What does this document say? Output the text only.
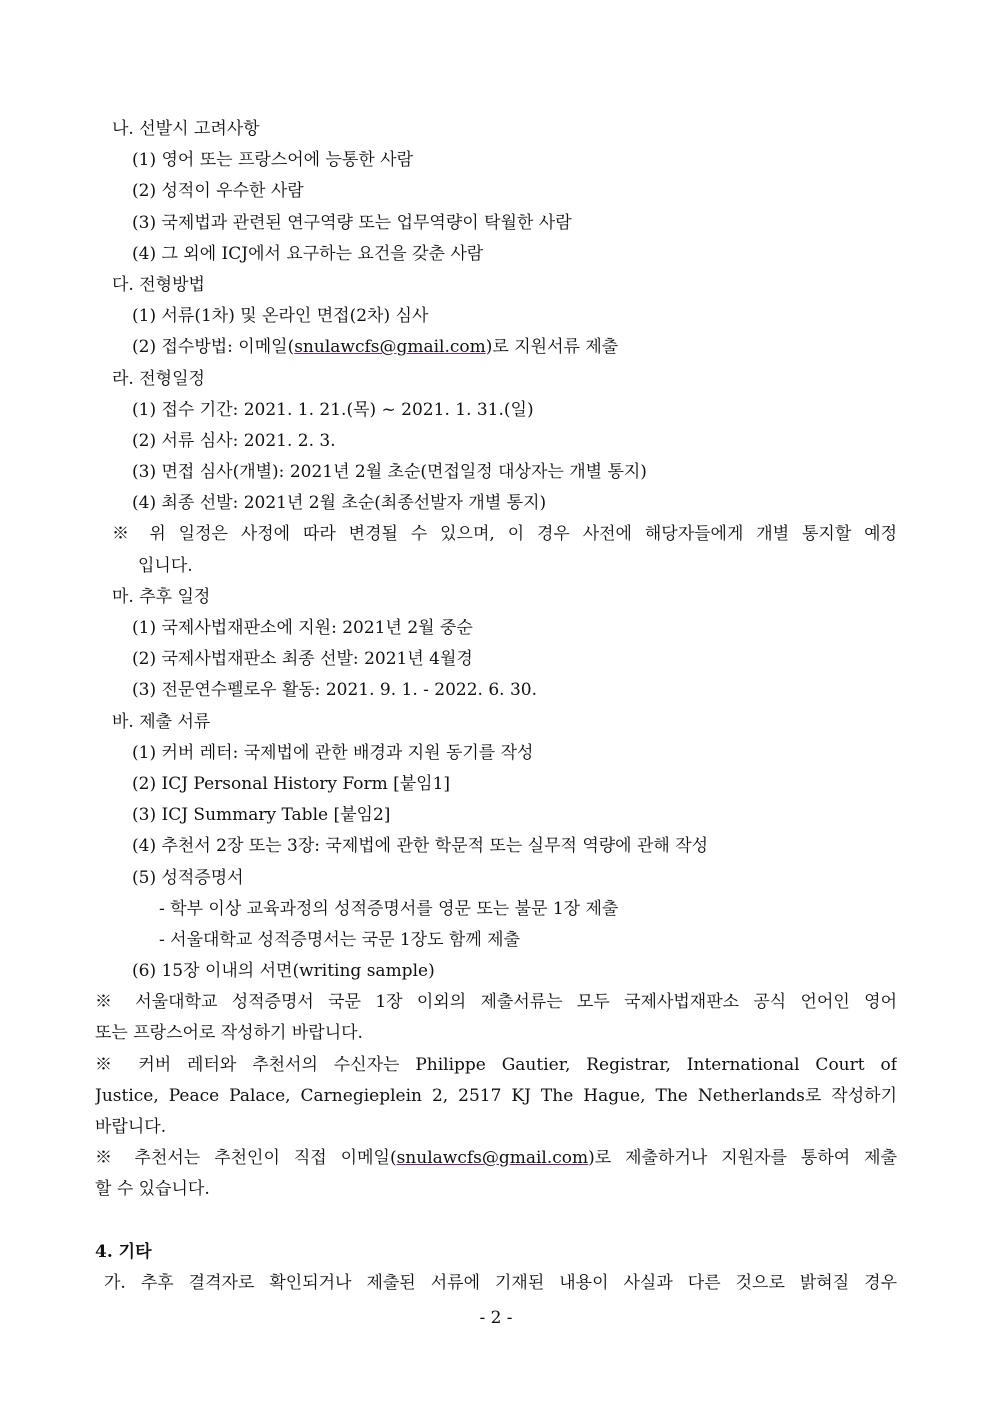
나. 선발시 고려사항
(1) 영어 또는 프랑스어에 능통한 사람
(2) 성적이 우수한 사람
(3) 국제법과 관련된 연구역량 또는 업무역량이 탁월한 사람
(4) 그 외에 ICJ에서 요구하는 요건을 갖춘 사람
다. 전형방법
(1) 서류(1차) 및 온라인 면접(2차) 심사
(2) 접수방법: 이메일(snulawcfs@gmail.com)로 지원서류 제출
라. 전형일정
(1) 접수 기간: 2021. 1. 21.(목) ~ 2021. 1. 31.(일)
(2) 서류 심사: 2021. 2. 3.
(3) 면접 심사(개별): 2021년 2월 초순(면접일정 대상자는 개별 통지)
(4) 최종 선발: 2021년 2월 초순(최종선발자 개별 통지)
※ 위 일정은 사정에 따라 변경될 수 있으며, 이 경우 사전에 해당자들에게 개별 통지할 예정
입니다.
마. 추후 일정
(1) 국제사법재판소에 지원: 2021년 2월 중순
(2) 국제사법재판소 최종 선발: 2021년 4월경
(3) 전문연수펠로우 활동: 2021. 9. 1. - 2022. 6. 30.
바. 제출 서류
(1) 커버 레터: 국제법에 관한 배경과 지원 동기를 작성
(2) ICJ Personal History Form [붙임1]
(3) ICJ Summary Table [붙임2]
(4) 추천서 2장 또는 3장: 국제법에 관한 학문적 또는 실무적 역량에 관해 작성
(5) 성적증명서
- 학부 이상 교육과정의 성적증명서를 영문 또는 불문 1장 제출
- 서울대학교 성적증명서는 국문 1장도 함께 제출
(6) 15장 이내의 서면(writing sample)
※ 서울대학교 성적증명서 국문 1장 이외의 제출서류는 모두 국제사법재판소 공식 언어인 영어
또는 프랑스어로 작성하기 바랍니다.
※ 커버 레터와 추천서의 수신자는 Philippe Gautier, Registrar, International Court of
Justice, Peace Palace, Carnegieplein 2, 2517 KJ The Hague, The Netherlands로 작성하기
바랍니다.
※ 추천서는 추천인이 직접 이메일(snulawcfs@gmail.com)로 제출하거나 지원자를 통하여 제출
할 수 있습니다.
4. 기타
가. 추후 결격자로 확인되거나 제출된 서류에 기재된 내용이 사실과 다른 것으로 밝혀질 경우
- 2 -
